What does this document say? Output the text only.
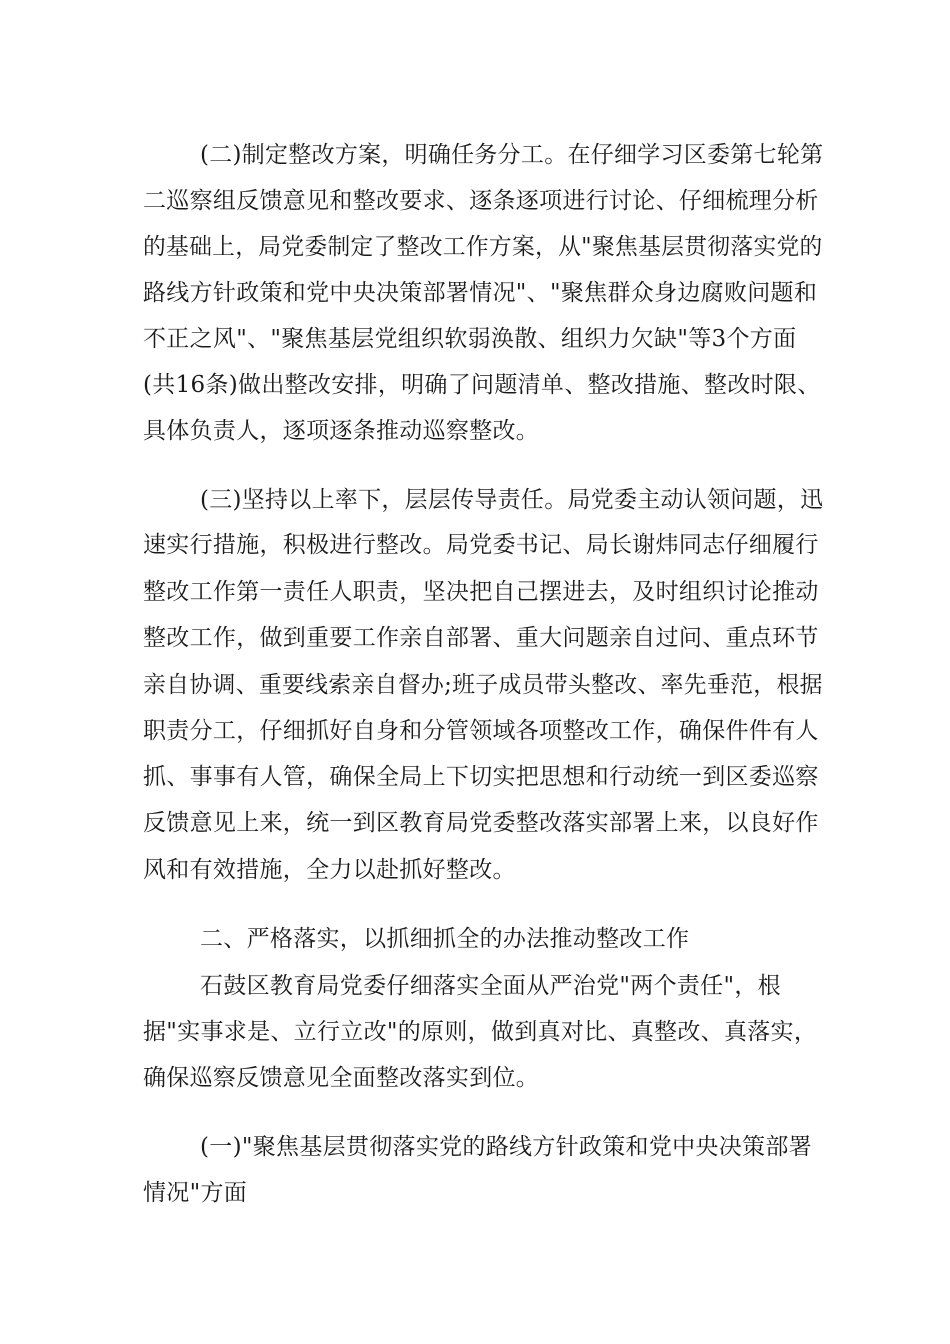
(二)制定整改方案，明确任务分工。在仔细学习区委第七轮第
二巡察组反馈意见和整改要求、逐条逐项进行讨论、仔细梳理分析
的基础上，局党委制定了整改工作方案，从"聚焦基层贯彻落实党的
路线方针政策和党中央决策部署情况"、"聚焦群众身边腐败问题和
不正之风"、"聚焦基层党组织软弱涣散、组织力欠缺"等3个方面
(共16条)做出整改安排，明确了问题清单、整改措施、整改时限、
具体负责人，逐项逐条推动巡察整改。
(三)坚持以上率下，层层传导责任。局党委主动认领问题，迅
速实行措施，积极进行整改。局党委书记、局长谢炜同志仔细履行
整改工作第一责任人职责，坚决把自己摆进去，及时组织讨论推动
整改工作，做到重要工作亲自部署、重大问题亲自过问、重点环节
亲自协调、重要线索亲自督办;班子成员带头整改、率先垂范，根据
职责分工，仔细抓好自身和分管领域各项整改工作，确保件件有人
抓、事事有人管，确保全局上下切实把思想和行动统一到区委巡察
反馈意见上来，统一到区教育局党委整改落实部署上来，以良好作
风和有效措施，全力以赴抓好整改。
二、严格落实，以抓细抓全的办法推动整改工作
石鼓区教育局党委仔细落实全面从严治党"两个责任"，根
据"实事求是、立行立改"的原则，做到真对比、真整改、真落实，
确保巡察反馈意见全面整改落实到位。
(一)"聚焦基层贯彻落实党的路线方针政策和党中央决策部署
情况"方面
